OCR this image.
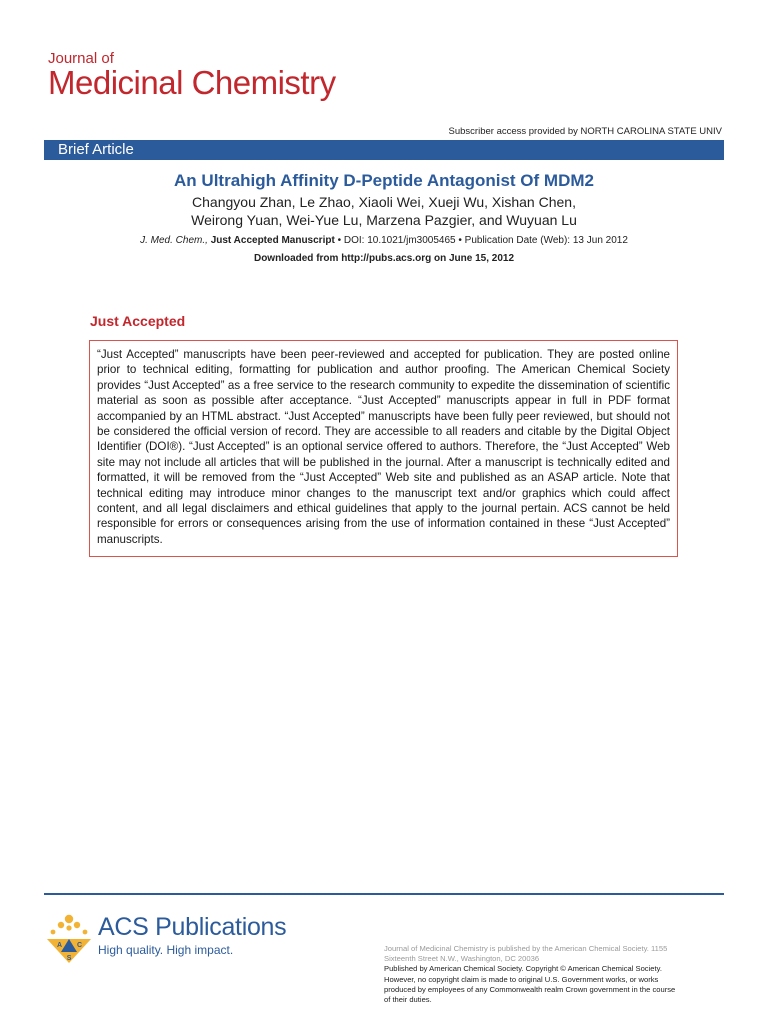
Journal of
Medicinal Chemistry
Subscriber access provided by NORTH CAROLINA STATE UNIV
Brief Article
An Ultrahigh Affinity D-Peptide Antagonist Of MDM2
Changyou Zhan, Le Zhao, Xiaoli Wei, Xueji Wu, Xishan Chen,
Weirong Yuan, Wei-Yue Lu, Marzena Pazgier, and Wuyuan Lu
J. Med. Chem., Just Accepted Manuscript • DOI: 10.1021/jm3005465 • Publication Date (Web): 13 Jun 2012
Downloaded from http://pubs.acs.org on June 15, 2012
Just Accepted

“Just Accepted” manuscripts have been peer-reviewed and accepted for publication. They are posted online prior to technical editing, formatting for publication and author proofing. The American Chemical Society provides “Just Accepted” as a free service to the research community to expedite the dissemination of scientific material as soon as possible after acceptance. “Just Accepted” manuscripts appear in full in PDF format accompanied by an HTML abstract. “Just Accepted” manuscripts have been fully peer reviewed, but should not be considered the official version of record. They are accessible to all readers and citable by the Digital Object Identifier (DOI®). “Just Accepted” is an optional service offered to authors. Therefore, the “Just Accepted” Web site may not include all articles that will be published in the journal. After a manuscript is technically edited and formatted, it will be removed from the “Just Accepted” Web site and published as an ASAP article. Note that technical editing may introduce minor changes to the manuscript text and/or graphics which could affect content, and all legal disclaimers and ethical guidelines that apply to the journal pertain. ACS cannot be held responsible for errors or consequences arising from the use of information contained in these “Just Accepted” manuscripts.

A C
S
ACS Publications
High quality. High impact.	Journal of Medicinal Chemistry is published by the American Chemical Society. 1155
Sixteenth Street N.W., Washington, DC 20036
Published by American Chemical Society. Copyright © American Chemical Society.
However, no copyright claim is made to original U.S. Government works, or works
produced by employees of any Commonwealth realm Crown government in the course
of their duties.
